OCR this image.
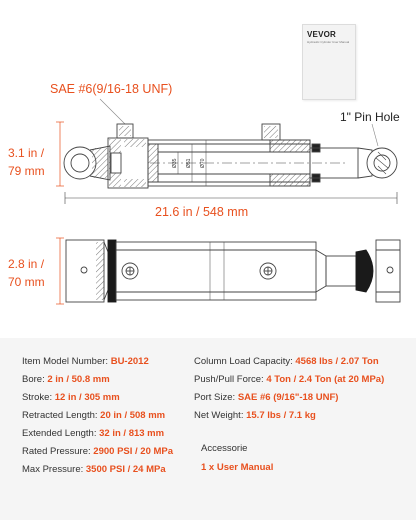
VEVOR
Hydraulic Cylinder User Manual
SAE #6(9/16-18 UNF)
1" Pin Hole
3.1 in /
79 mm
21.6 in / 548 mm
2.8 in /
70 mm
Ø35 Ø51 Ø70
Item Model Number: BU-2012
Bore: 2 in / 50.8 mm
Stroke: 12 in / 305 mm
Retracted Length: 20 in / 508 mm
Extended Length: 32 in / 813 mm
Rated Pressure: 2900 PSI / 20 MPa
Max Pressure: 3500 PSI / 24 MPa
Column Load Capacity: 4568 lbs / 2.07 Ton
Push/Pull Force: 4 Ton / 2.4 Ton (at 20 MPa)
Port Size: SAE #6 (9/16"-18 UNF)
Net Weight: 15.7 lbs / 7.1 kg
Accessorie
1 x User Manual
